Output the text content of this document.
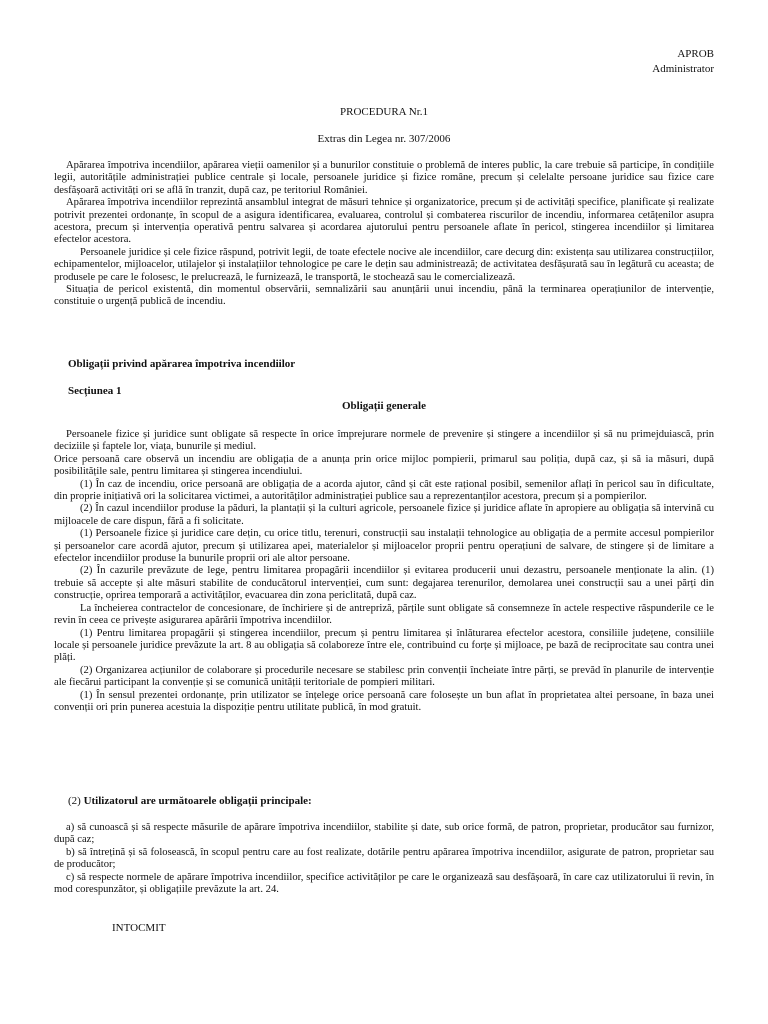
APROB
Administrator
PROCEDURA Nr.1
Extras din Legea nr. 307/2006

Apărarea împotriva incendiilor, apărarea vieții oamenilor și a bunurilor constituie o problemă de interes public, la care trebuie să participe, în condițiile legii, autoritățile administrației publice centrale și locale, persoanele juridice și fizice române, precum și celelalte persoane juridice sau fizice care desfășoară activități ori se află în tranzit, după caz, pe teritoriul României.

Apărarea împotriva incendiilor reprezintă ansamblul integrat de măsuri tehnice și organizatorice, precum și de activități specifice, planificate și realizate potrivit prezentei ordonanțe, în scopul de a asigura identificarea, evaluarea, controlul și combaterea riscurilor de incendiu, informarea cetățenilor asupra acestora, precum și intervenția operativă pentru salvarea și acordarea ajutorului pentru persoanele aflate în pericol, stingerea incendiilor și limitarea efectelor acestora.

Persoanele juridice și cele fizice răspund, potrivit legii, de toate efectele nocive ale incendiilor, care decurg din: existența sau utilizarea construcțiilor, echipamentelor, mijloacelor, utilajelor și instalațiilor tehnologice pe care le dețin sau administrează; de activitatea desfășurată sau în legătură cu aceasta; de produsele pe care le folosesc, le prelucrează, le furnizează, le transportă, le stochează sau le comercializează.

Situația de pericol existentă, din momentul observării, semnalizării sau anunțării unui incendiu, până la terminarea operațiunilor de intervenție, constituie o urgență publică de incendiu.

Obligații privind apărarea împotriva incendiilor
Secțiunea 1
Obligații generale

Persoanele fizice și juridice sunt obligate să respecte în orice împrejurare normele de prevenire și stingere a incendiilor și să nu primejduiască, prin deciziile și faptele lor, viața, bunurile și mediul.

Orice persoană care observă un incendiu are obligația de a anunța prin orice mijloc pompierii, primarul sau poliția, după caz, și să ia măsuri, după posibilitățile sale, pentru limitarea și stingerea incendiului.

(1) În caz de incendiu, orice persoană are obligația de a acorda ajutor, când și cât este rațional posibil, semenilor aflați în pericol sau în dificultate, din proprie inițiativă ori la solicitarea victimei, a autorităților administrației publice sau a reprezentanților acestora, precum și a pompierilor.

(2) În cazul incendiilor produse la păduri, la plantații și la culturi agricole, persoanele fizice și juridice aflate în apropiere au obligația să intervină cu mijloacele de care dispun, fără a fi solicitate.

(1) Persoanele fizice și juridice care dețin, cu orice titlu, terenuri, construcții sau instalații tehnologice au obligația de a permite accesul pompierilor și persoanelor care acordă ajutor, precum și utilizarea apei, materialelor și mijloacelor proprii pentru operațiuni de salvare, de stingere și de limitare a efectelor incendiilor produse la bunurile proprii ori ale altor persoane.

(2) În cazurile prevăzute de lege, pentru limitarea propagării incendiilor și evitarea producerii unui dezastru, persoanele menționate la alin. (1) trebuie să accepte și alte măsuri stabilite de conducătorul intervenției, cum sunt: degajarea terenurilor, demolarea unei construcții sau a unei părți din construcție, oprirea temporară a activităților, evacuarea din zona periclitată, după caz.

La încheierea contractelor de concesionare, de închiriere și de antrepriză, părțile sunt obligate să consemneze în actele respective răspunderile ce le revin în ceea ce privește asigurarea apărării împotriva incendiilor.

(1) Pentru limitarea propagării și stingerea incendiilor, precum și pentru limitarea și înlăturarea efectelor acestora, consiliile județene, consiliile locale și persoanele juridice prevăzute la art. 8 au obligația să colaboreze între ele, contribuind cu forțe și mijloace, pe bază de reciprocitate sau contra unei plăți.

(2) Organizarea acțiunilor de colaborare și procedurile necesare se stabilesc prin convenții încheiate între părți, se prevăd în planurile de intervenție ale fiecărui participant la convenție și se comunică unității teritoriale de pompieri militari.

(1) În sensul prezentei ordonanțe, prin utilizator se înțelege orice persoană care folosește un bun aflat în proprietatea altei persoane, în baza unei convenții ori prin punerea acestuia la dispoziție pentru utilitate publică, în mod gratuit.

(2) Utilizatorul are următoarele obligații principale:

a) să cunoască și să respecte măsurile de apărare împotriva incendiilor, stabilite și date, sub orice formă, de patron, proprietar, producător sau furnizor, după caz;

b) să întrețină și să folosească, în scopul pentru care au fost realizate, dotările pentru apărarea împotriva incendiilor, asigurate de patron, proprietar sau de producător;

c) să respecte normele de apărare împotriva incendiilor, specifice activităților pe care le organizează sau desfășoară, în care caz utilizatorului îi revin, în mod corespunzător, și obligațiile prevăzute la art. 24.

INTOCMIT
